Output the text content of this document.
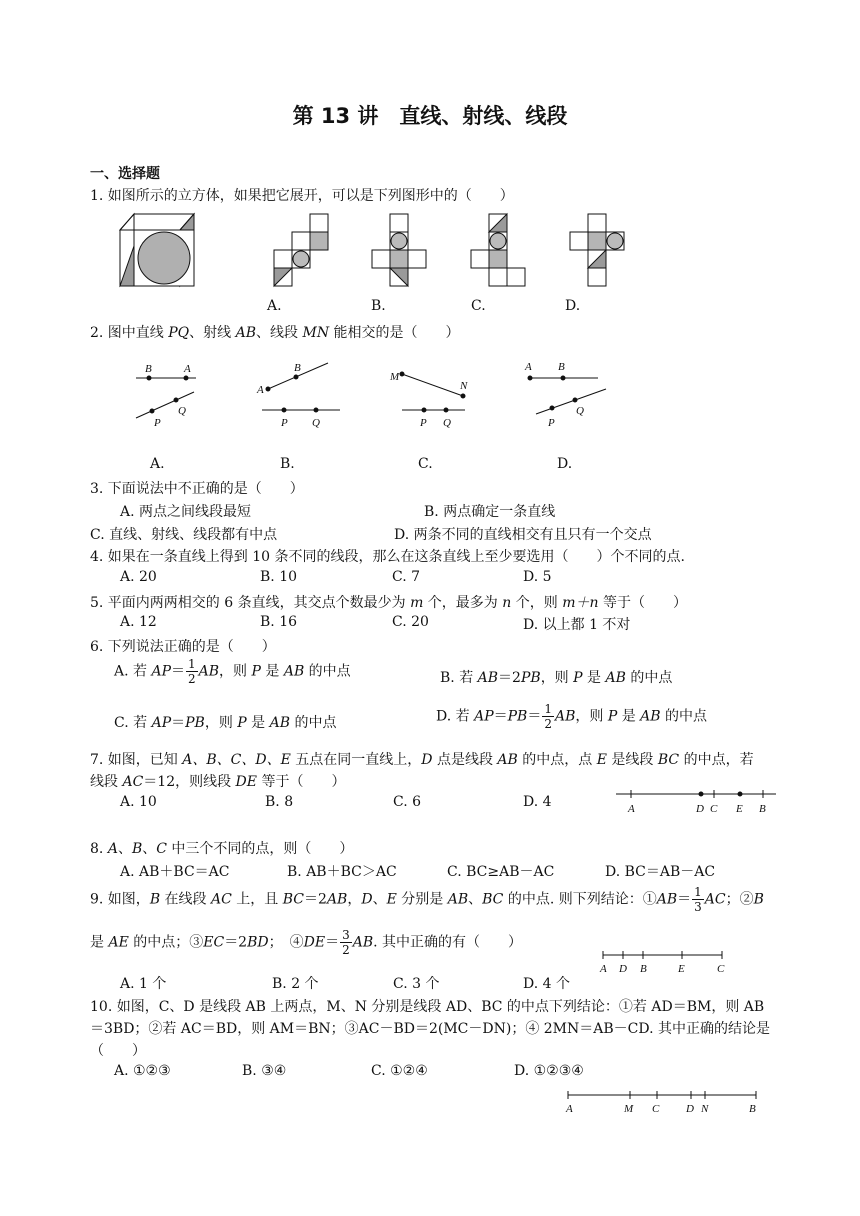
第 13 讲　直线、射线、线段
一、选择题
1. 如图所示的立方体，如果把它展开，可以是下列图形中的（　　）
A.	B.	C.	D.
2. 图中直线 PQ、射线 AB、线段 MN 能相交的是（　　）
B	A
P
Q
A
B
P Q
M
N
P Q
A B
P
Q
A.	B.	C.	D.
3. 下面说法中不正确的是（　　）
A. 两点之间线段最短	B. 两点确定一条直线
C. 直线、射线、线段都有中点	D. 两条不同的直线相交有且只有一个交点
4. 如果在一条直线上得到 10 条不同的线段，那么在这条直线上至少要选用（　　）个不同的点.
A. 20	B. 10	C. 7	D. 5
5. 平面内两两相交的 6 条直线，其交点个数最少为 m 个，最多为 n 个，则 m＋n 等于（　　）
A. 12	B. 16	C. 20	D. 以上都 1 不对
6. 下列说法正确的是（　　）
A. 若 $AP= \frac{1}{2}$ AB，则 P 是 AB 的中点	B. 若 AB＝2PB，则 P 是 AB 的中点
C. 若 AP＝PB，则 P 是 AB 的中点	D. 若 $AP=PB= \frac{1}{2}$ AB，则 P 是 AB 的中点
7. 如图，已知 A、B、C、D、E 五点在同一直线上，D 点是线段 AB 的中点，点 E 是线段 BC 的中点，若
线段 AC＝12，则线段 DE 等于（　　）
A. 10	B. 8	C. 6	D. 4	A	D C E B
8. A、B、C 中三个不同的点，则（　　）
A. AB＋BC＝AC	B. AB＋BC＞AC	C. BC≥AB－AC	D. BC＝AB－AC
9. 如图，B 在线段 AC 上，且 BC＝2AB，D、E 分别是 AB、BC 的中点. 则下列结论：①AB＝ $\frac{1}{3}$ AC；②B
是 AE 的中点；③EC＝2BD；　④DE＝ $\frac{3}{2}$ AB. 其中正确的有（　　）
A. 1 个	B. 2 个	C. 3 个	D. 4 个
A D B	E	C
10. 如图，C、D 是线段 AB 上两点，M、N 分别是线段 AD、BC 的中点下列结论：①若 AD＝BM，则 AB
＝3BD；②若 AC＝BD，则 AM＝BN；③AC－BD＝2(MC－DN)；④ 2MN＝AB－CD. 其中正确的结论是
（　　）
A. ①②③	B. ③④	C. ①②④	D. ①②③④
A	M C D N	B
